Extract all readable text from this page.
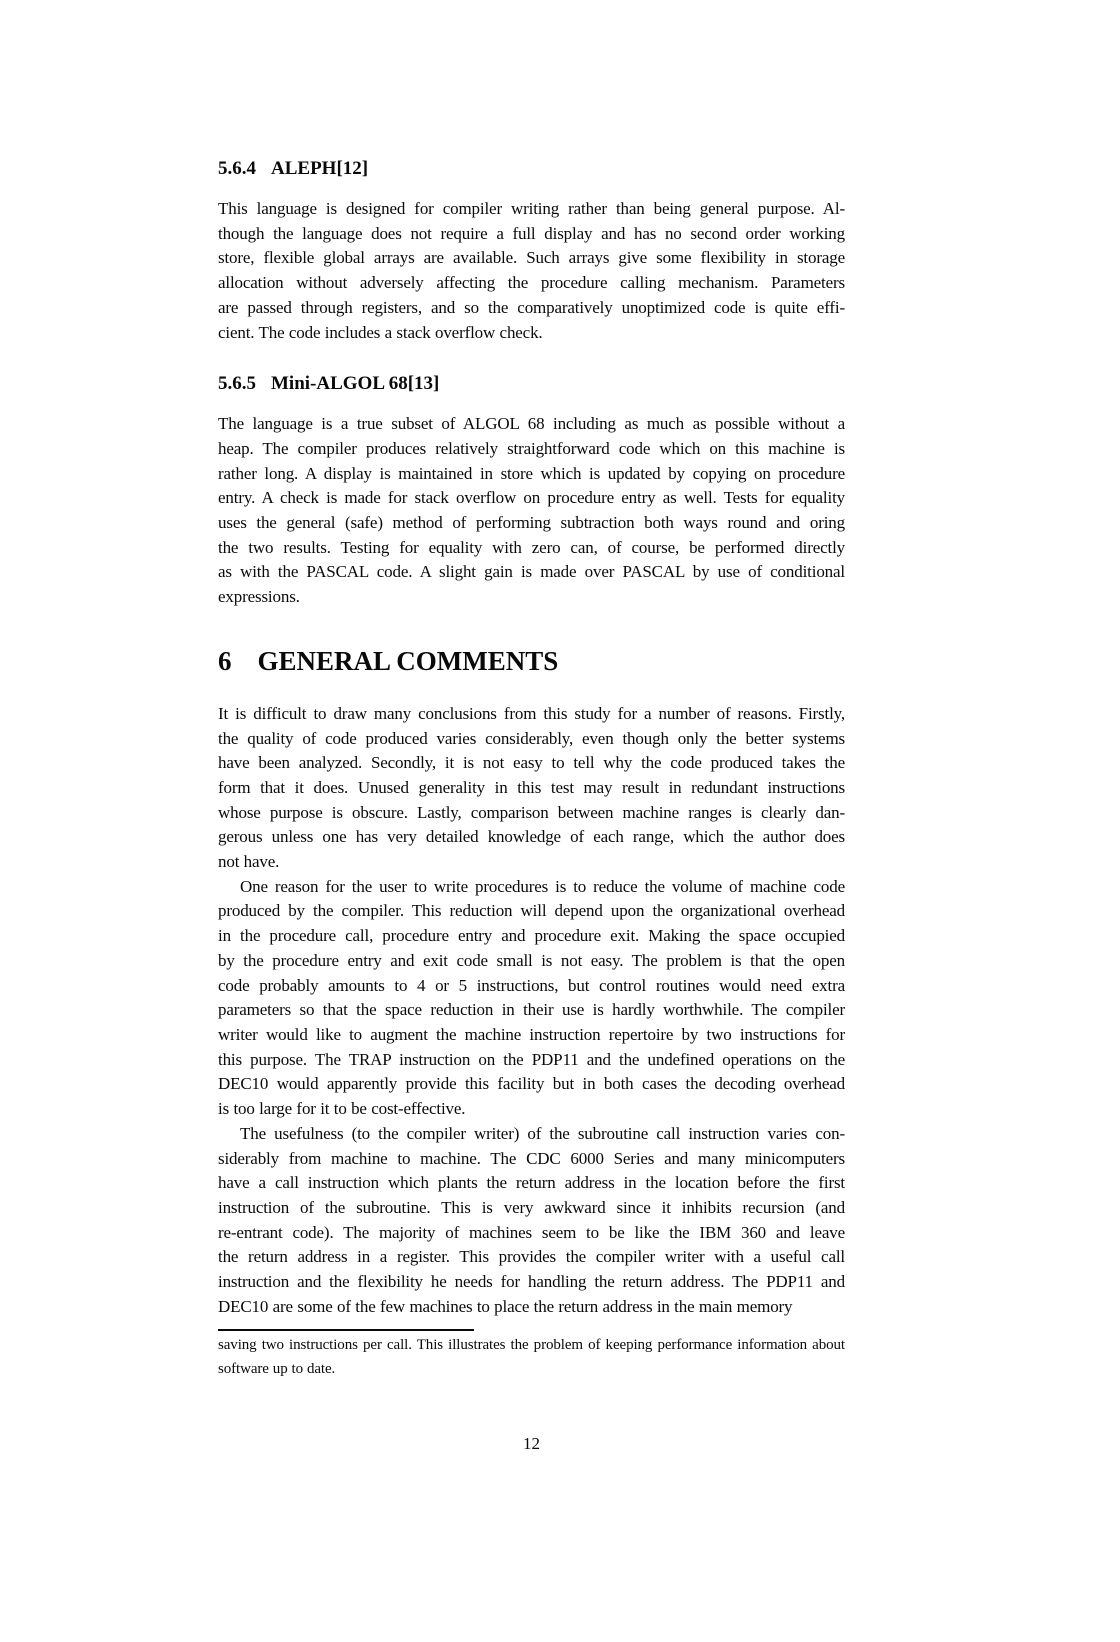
5.6.4 ALEPH[12]
This language is designed for compiler writing rather than being general purpose. Al-
though the language does not require a full display and has no second order working
store, flexible global arrays are available. Such arrays give some flexibility in storage
allocation without adversely affecting the procedure calling mechanism. Parameters
are passed through registers, and so the comparatively unoptimized code is quite effi-
cient. The code includes a stack overflow check.
5.6.5 Mini-ALGOL 68[13]
The language is a true subset of ALGOL 68 including as much as possible without a
heap. The compiler produces relatively straightforward code which on this machine is
rather long. A display is maintained in store which is updated by copying on procedure
entry. A check is made for stack overflow on procedure entry as well. Tests for equality
uses the general (safe) method of performing subtraction both ways round and oring
the two results. Testing for equality with zero can, of course, be performed directly
as with the PASCAL code. A slight gain is made over PASCAL by use of conditional
expressions.
6 GENERAL COMMENTS
It is difficult to draw many conclusions from this study for a number of reasons. Firstly,
the quality of code produced varies considerably, even though only the better systems
have been analyzed. Secondly, it is not easy to tell why the code produced takes the
form that it does. Unused generality in this test may result in redundant instructions
whose purpose is obscure. Lastly, comparison between machine ranges is clearly dan-
gerous unless one has very detailed knowledge of each range, which the author does
not have.
One reason for the user to write procedures is to reduce the volume of machine code
produced by the compiler. This reduction will depend upon the organizational overhead
in the procedure call, procedure entry and procedure exit. Making the space occupied
by the procedure entry and exit code small is not easy. The problem is that the open
code probably amounts to 4 or 5 instructions, but control routines would need extra
parameters so that the space reduction in their use is hardly worthwhile. The compiler
writer would like to augment the machine instruction repertoire by two instructions for
this purpose. The TRAP instruction on the PDP11 and the undefined operations on the
DEC10 would apparently provide this facility but in both cases the decoding overhead
is too large for it to be cost-effective.
The usefulness (to the compiler writer) of the subroutine call instruction varies con-
siderably from machine to machine. The CDC 6000 Series and many minicomputers
have a call instruction which plants the return address in the location before the first
instruction of the subroutine. This is very awkward since it inhibits recursion (and
re-entrant code). The majority of machines seem to be like the IBM 360 and leave
the return address in a register. This provides the compiler writer with a useful call
instruction and the flexibility he needs for handling the return address. The PDP11 and
DEC10 are some of the few machines to place the return address in the main memory
saving two instructions per call. This illustrates the problem of keeping performance information about
software up to date.
12
